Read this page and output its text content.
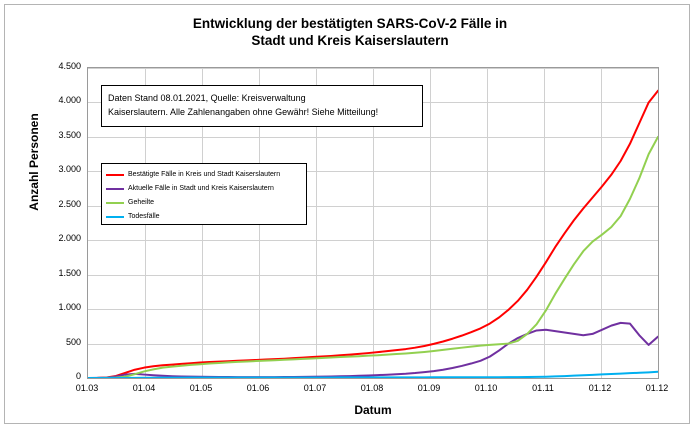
Entwicklung der bestätigten SARS-CoV-2 Fälle in
Stadt und Kreis Kaiserslautern
Anzahl Personen
Datum
4.500
4.000
3.500
3.000
2.500
2.000
1.500
1.000
500
0
01.03	01.04	01.05	01.06	01.07	01.08	01.09	01.10	01.11	01.12	01.12
Daten Stand 08.01.2021, Quelle: Kreisverwaltung
Kaiserslautern. Alle Zahlenangaben ohne Gewähr! Siehe Mitteilung!
Bestätigte Fälle in Kreis und Stadt Kaiserslautern
Aktuelle Fälle in Stadt und Kreis Kaiserslautern
Geheilte
Todesfälle
